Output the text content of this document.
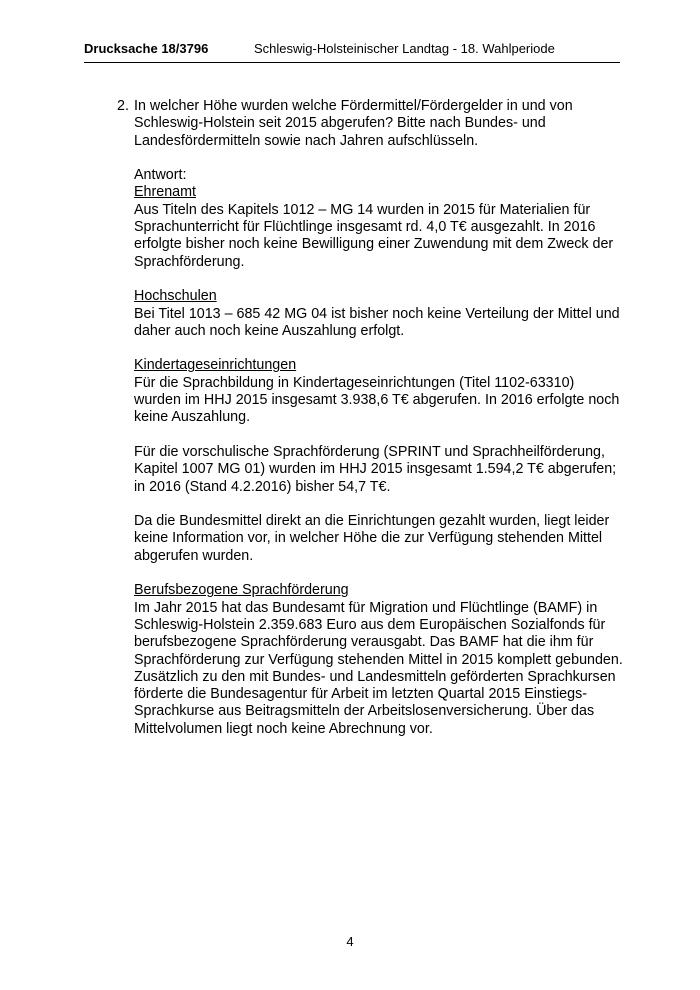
Drucksache 18/3796	Schleswig-Holsteinischer Landtag - 18. Wahlperiode
2. In welcher Höhe wurden welche Fördermittel/Fördergelder in und von Schleswig-Holstein seit 2015 abgerufen? Bitte nach Bundes- und Landesfördermitteln sowie nach Jahren aufschlüsseln.

Antwort:

Ehrenamt

Aus Titeln des Kapitels 1012 – MG 14 wurden in 2015 für Materialien für Sprachunterricht für Flüchtlinge insgesamt rd. 4,0 T€ ausgezahlt. In 2016 erfolgte bisher noch keine Bewilligung einer Zuwendung mit dem Zweck der Sprachförderung.

Hochschulen

Bei Titel 1013 – 685 42 MG 04 ist bisher noch keine Verteilung der Mittel und daher auch noch keine Auszahlung erfolgt.

Kindertageseinrichtungen

Für die Sprachbildung in Kindertageseinrichtungen (Titel 1102-63310) wurden im HHJ 2015 insgesamt 3.938,6 T€ abgerufen. In 2016 erfolgte noch keine Auszahlung.

Für die vorschulische Sprachförderung (SPRINT und Sprachheilförderung, Kapitel 1007 MG 01) wurden im HHJ 2015 insgesamt 1.594,2 T€ abgerufen; in 2016 (Stand 4.2.2016) bisher 54,7 T€.

Da die Bundesmittel direkt an die Einrichtungen gezahlt wurden, liegt leider keine Information vor, in welcher Höhe die zur Verfügung stehenden Mittel abgerufen wurden.

Berufsbezogene Sprachförderung

Im Jahr 2015 hat das Bundesamt für Migration und Flüchtlinge (BAMF) in Schleswig-Holstein 2.359.683 Euro aus dem Europäischen Sozialfonds für berufsbezogene Sprachförderung verausgabt. Das BAMF hat die ihm für Sprachförderung zur Verfügung stehenden Mittel in 2015 komplett gebunden. Zusätzlich zu den mit Bundes- und Landesmitteln geförderten Sprachkursen förderte die Bundesagentur für Arbeit im letzten Quartal 2015 Einstiegs-Sprachkurse aus Beitragsmitteln der Arbeitslosenversicherung. Über das Mittelvolumen liegt noch keine Abrechnung vor.

4
